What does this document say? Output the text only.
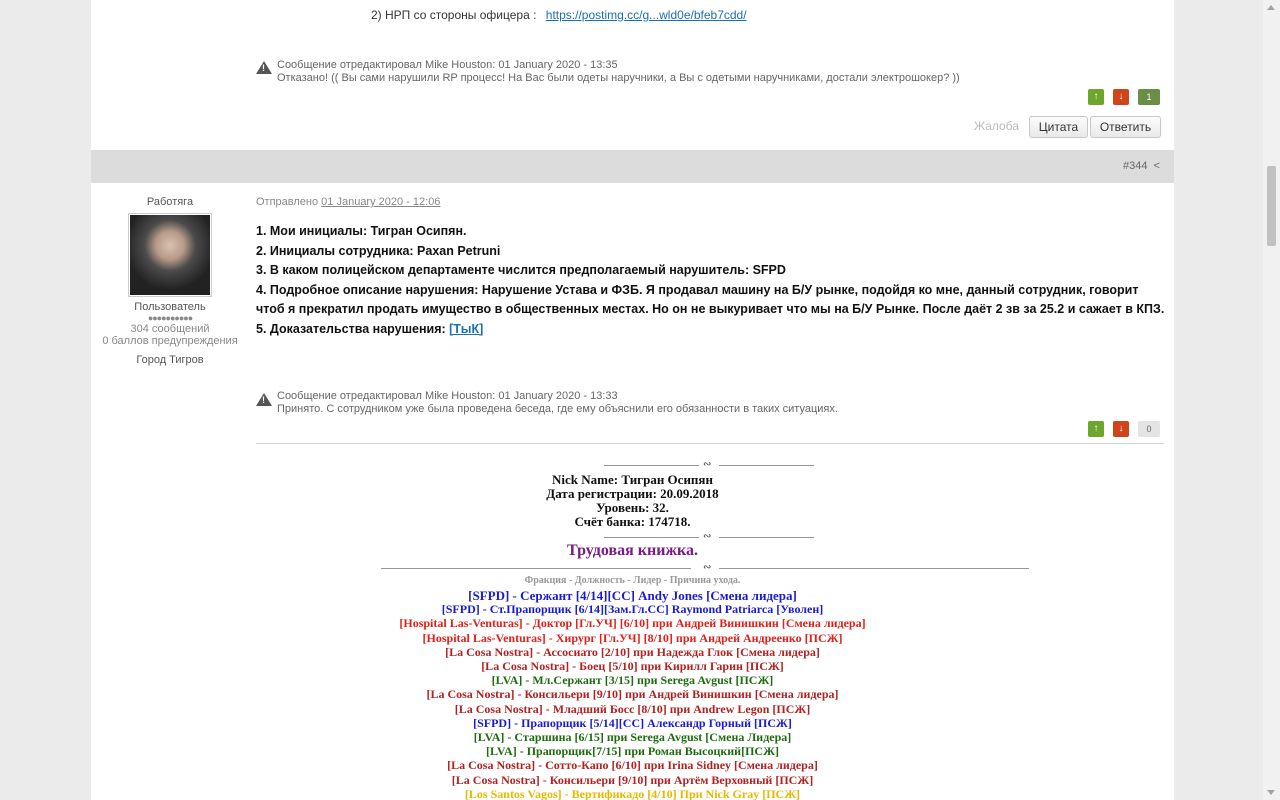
2) НРП со стороны офицера : https://postimg.cc/g...wld0e/bfeb7cdd/
!
Сообщение отредактировал Mike Houston: 01 January 2020 - 13:35
Отказано! (( Вы сами нарушили RP процесс! На Вас были одеты наручники, а Вы с одетыми наручниками, достали электрошокер? ))
↑	↓	1
Жалоба	Цитата	Ответить
#344 <
Работяга
Пользователь
●●●●●●●●●●
304 сообщений
0 баллов предупреждения
Город Тигров
Отправлено 01 January 2020 - 12:06
1. Мои инициалы: Тигран Осипян.
2. Инициалы сотрудника: Paxan Petruni
3. В каком полицейском департаменте числится предполагаемый нарушитель: SFPD
4. Подробное описание нарушения: Нарушение Устава и ФЗБ. Я продавал машину на Б/У рынке, подойдя ко мне, данный сотрудник, говорит
чтоб я прекратил продать имущество в общественных местах. Но он не выкуривает что мы на Б/У Рынке. После даёт 2 зв за 25.2 и сажает в КПЗ.
5. Доказательства нарушения: [ТыК]
!
Сообщение отредактировал Mike Houston: 01 January 2020 - 13:33
Принято. С сотрудником уже была проведена беседа, где ему объяснили его обязанности в таких ситуациях.
↑	↓	0
∾
Nick Name: Тигран Осипян
Дата регистрации: 20.09.2018
Уровень: 32.
Счёт банка: 174718.
∾
Трудовая книжка.
∾
Фракция - Должность - Лидер - Причина ухода.
[SFPD] - Сержант [4/14][CC] Andy Jones [Смена лидера]
[SFPD] - Ст.Прапорщик [6/14][Зам.Гл.CC] Raymond Patriarca [Уволен]
[Hospital Las-Venturas] - Доктор [Гл.УЧ] [6/10] при Андрей Винишкин [Смена лидера]
[Hospital Las-Venturas] - Хирург [Гл.УЧ] [8/10] при Андрей Андреенко [ПСЖ]
[La Cosa Nostra] - Ассосиато [2/10] при Надежда Глок [Смена лидера]
[La Cosa Nostra] - Боец [5/10] при Кирилл Гарин [ПСЖ]
[LVA] - Мл.Сержант [3/15] при Serega Avgust [ПСЖ]
[La Cosa Nostra] - Консильери [9/10] при Андрей Винишкин [Смена лидера]
[La Cosa Nostra] - Младший Босс [8/10] при Andrew Legon [ПСЖ]
[SFPD] - Прапорщик [5/14][CC] Александр Горный [ПСЖ]
[LVA] - Старшина [6/15] при Serega Avgust [Смена Лидера]
[LVA] - Прапорщик[7/15] при Роман Высоцкий[ПСЖ]
[La Cosa Nostra] - Сотто-Капо [6/10] при Irina Sidney [Смена лидера]
[La Cosa Nostra] - Консильери [9/10] при Артём Верховный [ПСЖ]
[Los Santos Vagos] - Вертификадо [4/10] При Nick Gray [ПСЖ]
